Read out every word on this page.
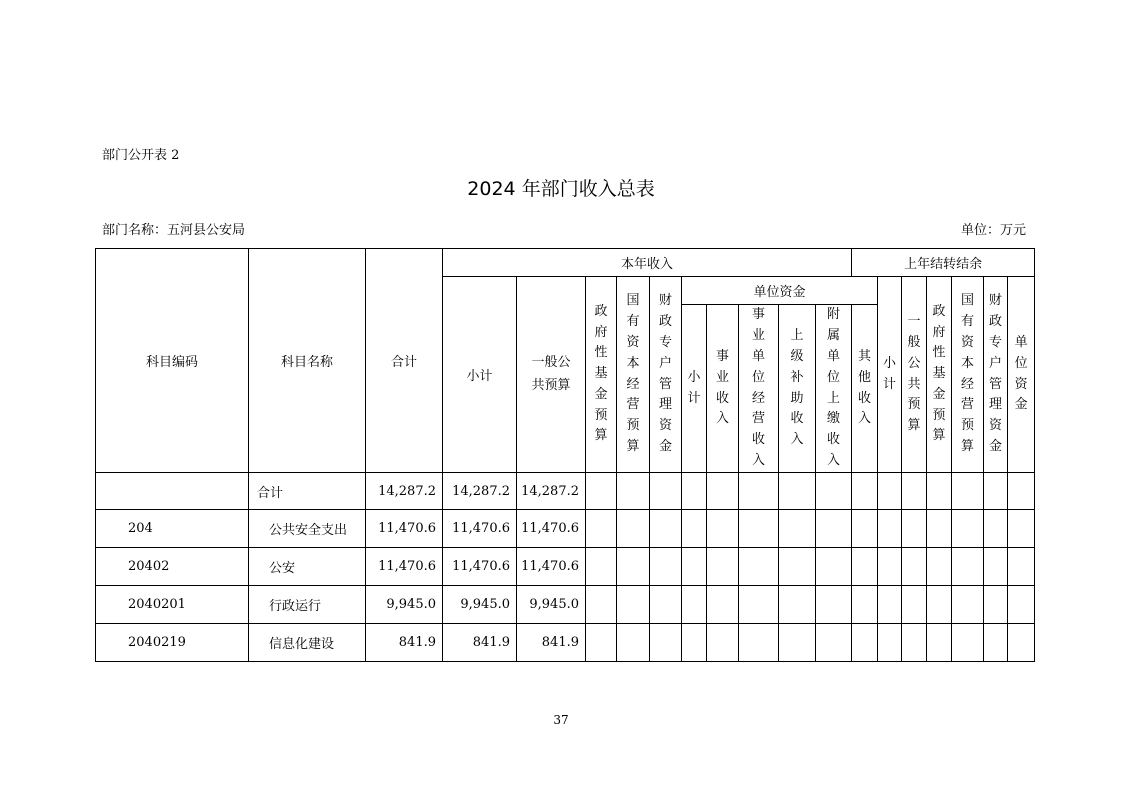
部门公开表 2
2024 年部门收入总表
部门名称：五河县公安局	单位：万元
科目编码	科目名称	合计	本年收入										上年结转结余						
			小计	一般公共预算	政府性基金预算	国有资本经营预算	财政专户管理资金	单位资金						小计	一般公共预算	政府性基金预算	国有资本经营预算	财政专户管理资金	单位资金

								小计	事业收入	事业单位经营收入	上级补助收入	附属单位上缴收入	其他收入						

	合计	14,287.2	14,287.2	14,287.2															
204	公共安全支出	11,470.6	11,470.6	11,470.6															
20402	公安	11,470.6	11,470.6	11,470.6															
2040201	行政运行	9,945.0	9,945.0	9,945.0															
2040219	信息化建设	841.9	841.9	841.9															
37
